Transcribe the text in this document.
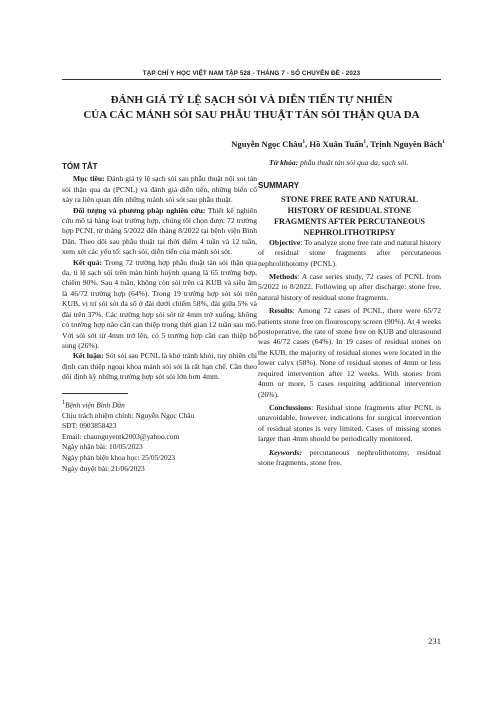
TẠP CHÍ Y HỌC VIỆT NAM TẬP 528 - THÁNG 7 - SỐ CHUYÊN ĐỀ - 2023
ĐÁNH GIÁ TỶ LỆ SẠCH SỎI VÀ DIỄN TIẾN TỰ NHIÊN
CỦA CÁC MẢNH SỎI SAU PHẪU THUẬT TÁN SỎI THẬN QUA DA
Nguyễn Ngọc Châu$^1$, Hồ Xuân Tuấn$^1$, Trịnh Nguyên Bách$^1$

TÓM TẮT

Mục tiêu: Đánh giá tỷ lệ sạch sỏi sau phẫu thuật nội soi tán sỏi thận qua da (PCNL) và đánh giá diễn tiến, những biến cố xảy ra liên quan đến những mảnh sỏi sót sau phẫu thuật.

Đối tượng và phương pháp nghiên cứu: Thiết kế nghiên cứu mô tả hàng loạt trường hợp, chúng tôi chọn được 72 trường hợp PCNL từ tháng 5/2022 đến tháng 8/2022 tại bệnh viện Bình Dân. Theo dõi sau phẫu thuật tại thời điểm 4 tuần và 12 tuần, xem xét các yếu tố: sạch sỏi, diễn tiến của mảnh sỏi sót.

Kết quả: Trong 72 trường hợp phẫu thuật tán sỏi thận qua da, tỉ lệ sạch sỏi trên màn hình huỳnh quang là 65 trường hợp, chiếm 90%. Sau 4 tuần, không còn sỏi trên cả KUB và siêu âm là 46/72 trường hợp (64%). Trong 19 trường hợp sót sỏi trên KUB, vị trí sỏi sót đa số ở đài dưới chiếm 58%, đài giữa 5% và đài trên 37%. Các trường hợp sỏi sót từ 4mm trở xuống, không có trường hợp nào cần can thiệp trong thời gian 12 tuần sau mổ. Với sỏi sót từ 4mm trở lên, có 5 trường hợp cần can thiệp bổ sung (26%).

Kết luận: Sót sỏi sau PCNL là khó tránh khỏi, tuy nhiên chỉ định can thiệp ngoại khoa mảnh sỏi sót là rất hạn chế. Cần theo dõi định kỳ những trường hợp sót sỏi lớn hơn 4mm.

$^1$Bệnh viện Bình Dân

Chịu trách nhiệm chính: Nguyễn Ngọc Châu

SĐT: 0903858423

Email: chaunguyentk2003@yahoo.com

Ngày nhận bài: 10/05/2023

Ngày phản biện khoa học: 25/05/2023

Ngày duyệt bài: 21/06/2023

Từ khóa: phẫu thuật tán sỏi qua da, sạch sỏi.

SUMMARY

STONE FREE RATE AND NATURAL HISTORY OF RESIDUAL STONE FRAGMENTS AFTER PERCUTANEOUS NEPHROLITHOTRIPSY

Objective: To analyze stone free rate and natural history of residual stone fragments after percutaneous nephrolithotomy (PCNL).

Methods: A case series study, 72 cases of PCNL from 5/2022 to 8/2022. Following up after discharge: stone free, natural history of residual stone fragments.

Results: Among 72 cases of PCNL, there were 65/72 patients stone free on flouroscopy screen (90%). At 4 weeks postoperative, the rate of stone free on KUB and ultrasound was 46/72 cases (64%). In 19 cases of residual stones on the KUB, the majority of residual stones were located in the lower calyx (58%). None of residual stones of 4mm or less required intervention after 12 weeks. With stones from 4mm or more, 5 cases requiring additional intervention (26%).

Conclussions: Residual stone fragments after PCNL is unavoidable, however, indications for surgical intervention of residual stones is very limited. Cases of missing stones larger than 4mm should be periodically monitored.

Keywords: percutaneous nephrolithotomy, residual stone fragments, stone free.

231
